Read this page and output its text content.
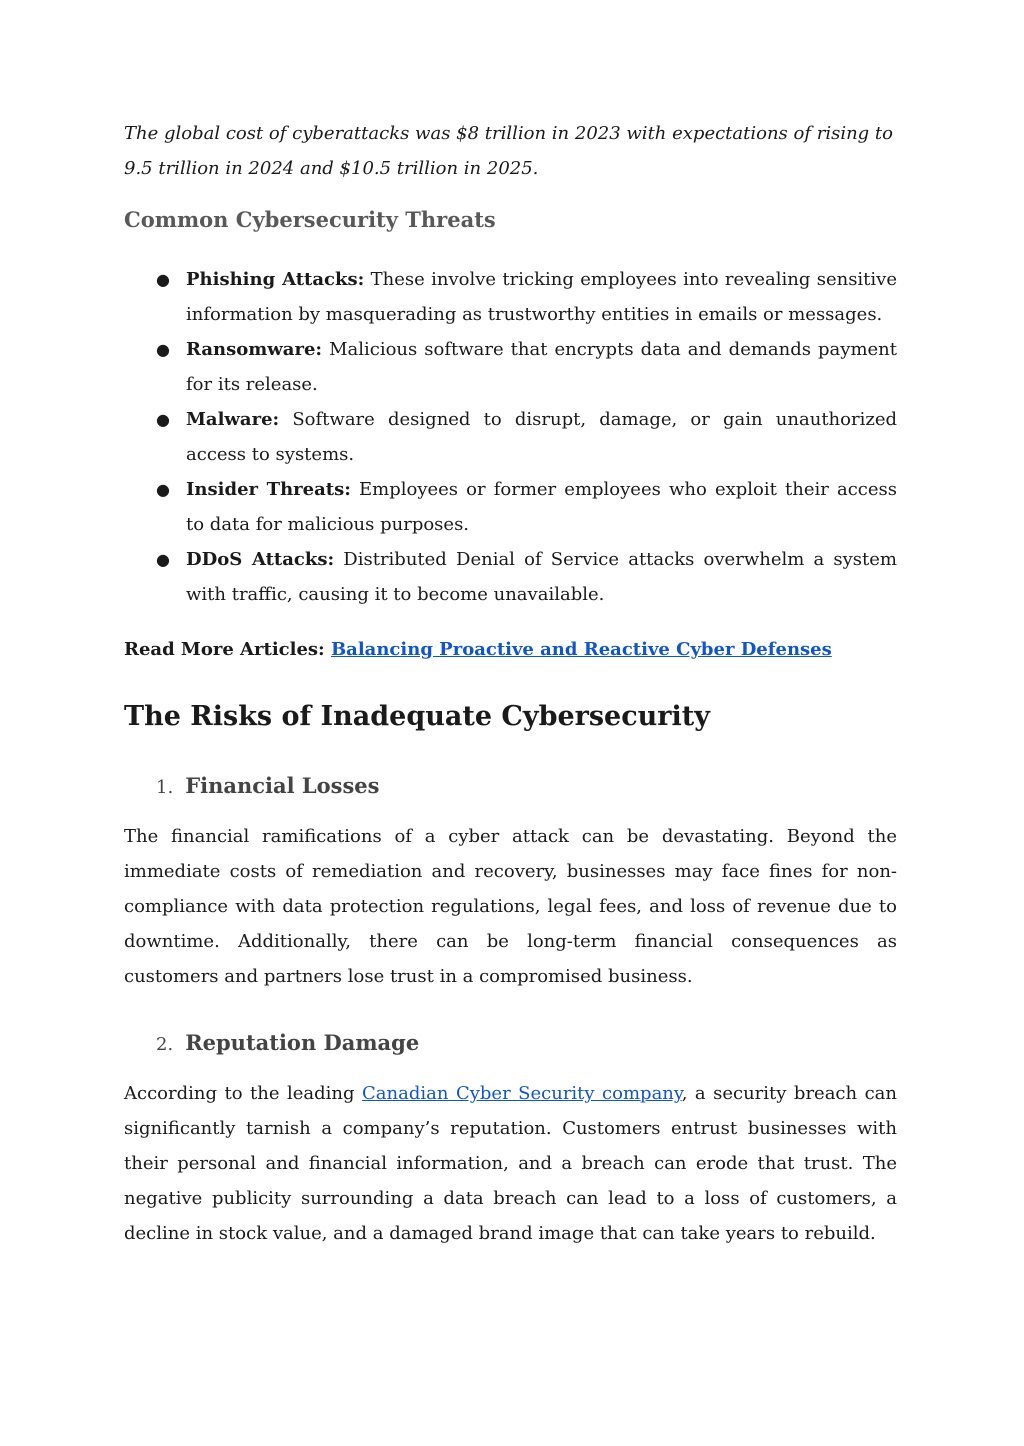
The global cost of cyberattacks was $8 trillion in 2023 with expectations of rising to 9.5 trillion in 2024 and $10.5 trillion in 2025.

Common Cybersecurity Threats
● Phishing Attacks: These involve tricking employees into revealing sensitive information by masquerading as trustworthy entities in emails or messages.
● Ransomware: Malicious software that encrypts data and demands payment for its release.
● Malware: Software designed to disrupt, damage, or gain unauthorized access to systems.
● Insider Threats: Employees or former employees who exploit their access to data for malicious purposes.
● DDoS Attacks: Distributed Denial of Service attacks overwhelm a system with traffic, causing it to become unavailable.

Read More Articles: Balancing Proactive and Reactive Cyber Defenses

The Risks of Inadequate Cybersecurity
1. Financial Losses

The financial ramifications of a cyber attack can be devastating. Beyond the immediate costs of remediation and recovery, businesses may face fines for non-compliance with data protection regulations, legal fees, and loss of revenue due to downtime. Additionally, there can be long-term financial consequences as customers and partners lose trust in a compromised business.

2. Reputation Damage

According to the leading Canadian Cyber Security company, a security breach can significantly tarnish a company’s reputation. Customers entrust businesses with their personal and financial information, and a breach can erode that trust. The negative publicity surrounding a data breach can lead to a loss of customers, a decline in stock value, and a damaged brand image that can take years to rebuild.
